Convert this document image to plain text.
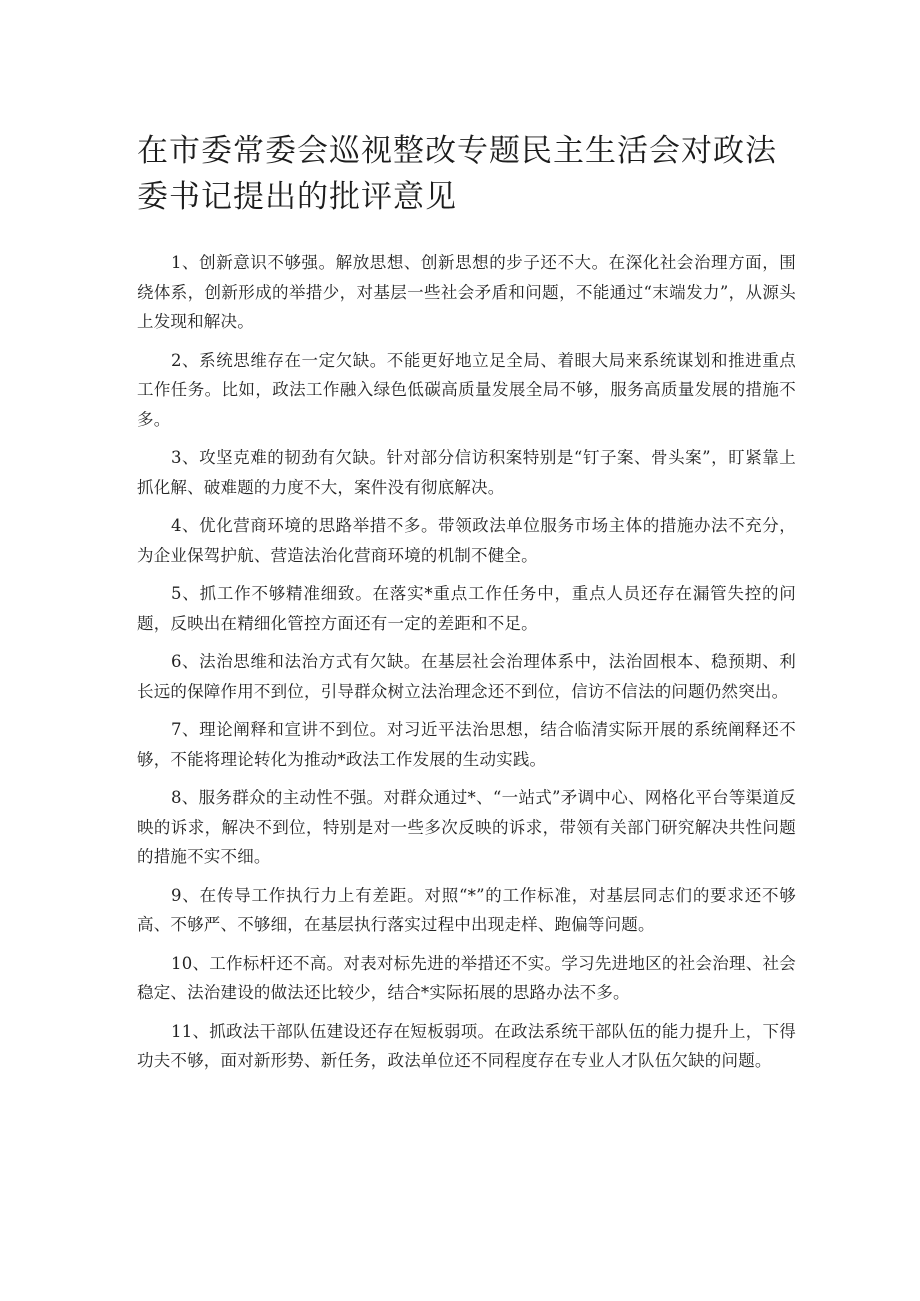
在市委常委会巡视整改专题民主生活会对政法委书记提出的批评意见

1、创新意识不够强。解放思想、创新思想的步子还不大。在深化社会治理方面，围绕体系，创新形成的举措少，对基层一些社会矛盾和问题，不能通过“末端发力”，从源头上发现和解决。

2、系统思维存在一定欠缺。不能更好地立足全局、着眼大局来系统谋划和推进重点工作任务。比如，政法工作融入绿色低碳高质量发展全局不够，服务高质量发展的措施不多。

3、攻坚克难的韧劲有欠缺。针对部分信访积案特别是“钉子案、骨头案”，盯紧靠上抓化解、破难题的力度不大，案件没有彻底解决。

4、优化营商环境的思路举措不多。带领政法单位服务市场主体的措施办法不充分，为企业保驾护航、营造法治化营商环境的机制不健全。

5、抓工作不够精准细致。在落实*重点工作任务中，重点人员还存在漏管失控的问题，反映出在精细化管控方面还有一定的差距和不足。

6、法治思维和法治方式有欠缺。在基层社会治理体系中，法治固根本、稳预期、利长远的保障作用不到位，引导群众树立法治理念还不到位，信访不信法的问题仍然突出。

7、理论阐释和宣讲不到位。对习近平法治思想，结合临清实际开展的系统阐释还不够，不能将理论转化为推动*政法工作发展的生动实践。

8、服务群众的主动性不强。对群众通过*、“一站式”矛调中心、网格化平台等渠道反映的诉求，解决不到位，特别是对一些多次反映的诉求，带领有关部门研究解决共性问题的措施不实不细。

9、在传导工作执行力上有差距。对照“*”的工作标准，对基层同志们的要求还不够高、不够严、不够细，在基层执行落实过程中出现走样、跑偏等问题。

10、工作标杆还不高。对表对标先进的举措还不实。学习先进地区的社会治理、社会稳定、法治建设的做法还比较少，结合*实际拓展的思路办法不多。

11、抓政法干部队伍建设还存在短板弱项。在政法系统干部队伍的能力提升上，下得功夫不够，面对新形势、新任务，政法单位还不同程度存在专业人才队伍欠缺的问题。
